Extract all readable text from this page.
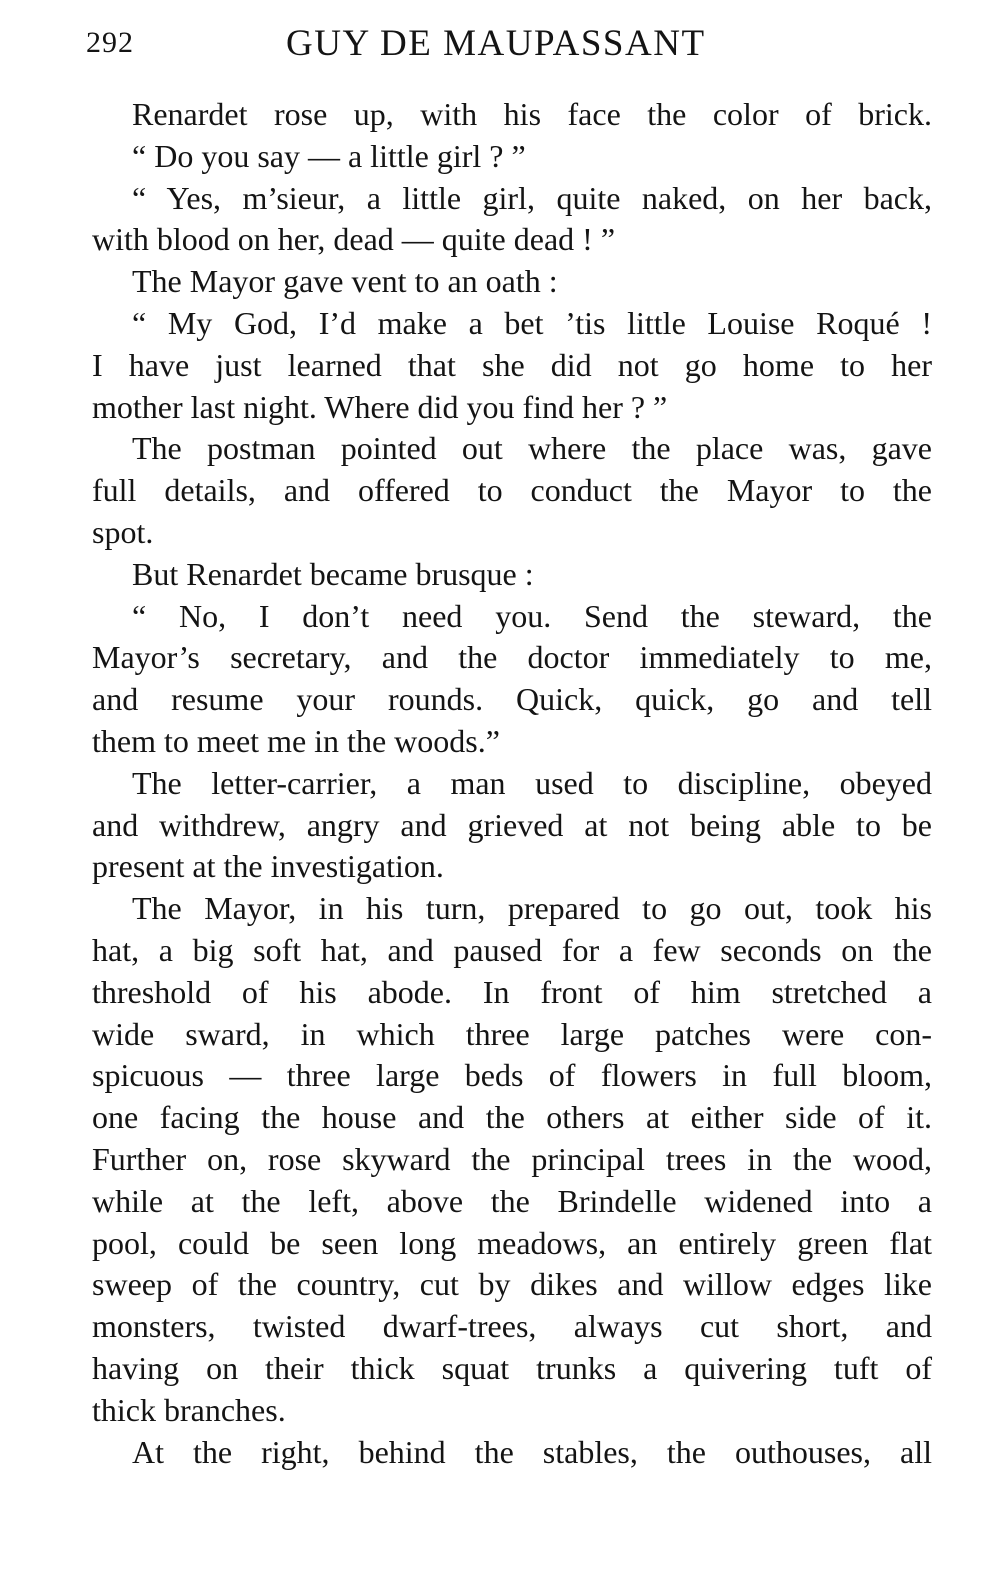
292	GUY DE MAUPASSANT
Renardet rose up, with his face the color of brick.
“ Do you say — a little girl ? ”
“ Yes, m’sieur, a little girl, quite naked, on her back,
with blood on her, dead — quite dead ! ”
The Mayor gave vent to an oath :
“ My God, I’d make a bet ’tis little Louise Roqué !
I have just learned that she did not go home to her
mother last night. Where did you find her ? ”
The postman pointed out where the place was, gave
full details, and offered to conduct the Mayor to the
spot.
But Renardet became brusque :
“ No, I don’t need you. Send the steward, the
Mayor’s secretary, and the doctor immediately to me,
and resume your rounds. Quick, quick, go and tell
them to meet me in the woods.”
The letter-carrier, a man used to discipline, obeyed
and withdrew, angry and grieved at not being able to be
present at the investigation.
The Mayor, in his turn, prepared to go out, took his
hat, a big soft hat, and paused for a few seconds on the
threshold of his abode. In front of him stretched a
wide sward, in which three large patches were con-
spicuous — three large beds of flowers in full bloom,
one facing the house and the others at either side of it.
Further on, rose skyward the principal trees in the wood,
while at the left, above the Brindelle widened into a
pool, could be seen long meadows, an entirely green flat
sweep of the country, cut by dikes and willow edges like
monsters, twisted dwarf-trees, always cut short, and
having on their thick squat trunks a quivering tuft of
thick branches.
At the right, behind the stables, the outhouses, all
